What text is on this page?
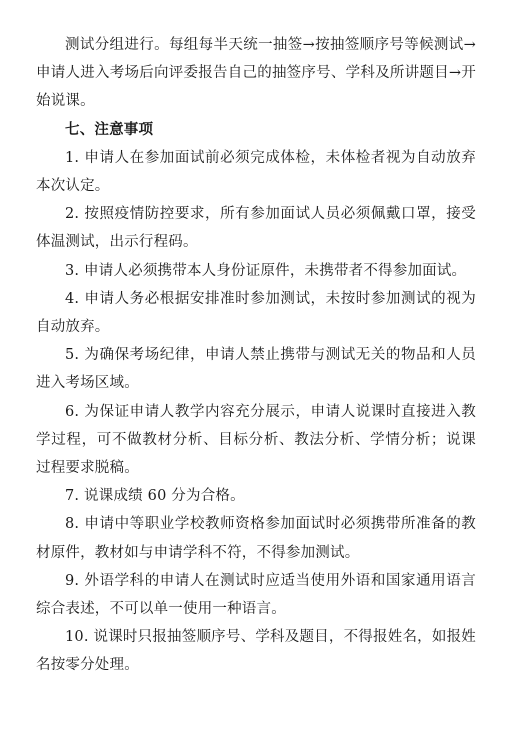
测试分组进行。每组每半天统一抽签→按抽签顺序号等候测试→申请人进入考场后向评委报告自己的抽签序号、学科及所讲题目→开始说课。

七、注意事项

1. 申请人在参加面试前必须完成体检，未体检者视为自动放弃本次认定。

2. 按照疫情防控要求，所有参加面试人员必须佩戴口罩，接受体温测试，出示行程码。

3. 申请人必须携带本人身份证原件，未携带者不得参加面试。

4. 申请人务必根据安排准时参加测试，未按时参加测试的视为自动放弃。

5. 为确保考场纪律，申请人禁止携带与测试无关的物品和人员进入考场区域。

6. 为保证申请人教学内容充分展示，申请人说课时直接进入教学过程，可不做教材分析、目标分析、教法分析、学情分析；说课过程要求脱稿。

7. 说课成绩 60 分为合格。

8. 申请中等职业学校教师资格参加面试时必须携带所准备的教材原件，教材如与申请学科不符，不得参加测试。

9. 外语学科的申请人在测试时应适当使用外语和国家通用语言综合表述，不可以单一使用一种语言。

10. 说课时只报抽签顺序号、学科及题目，不得报姓名，如报姓名按零分处理。
